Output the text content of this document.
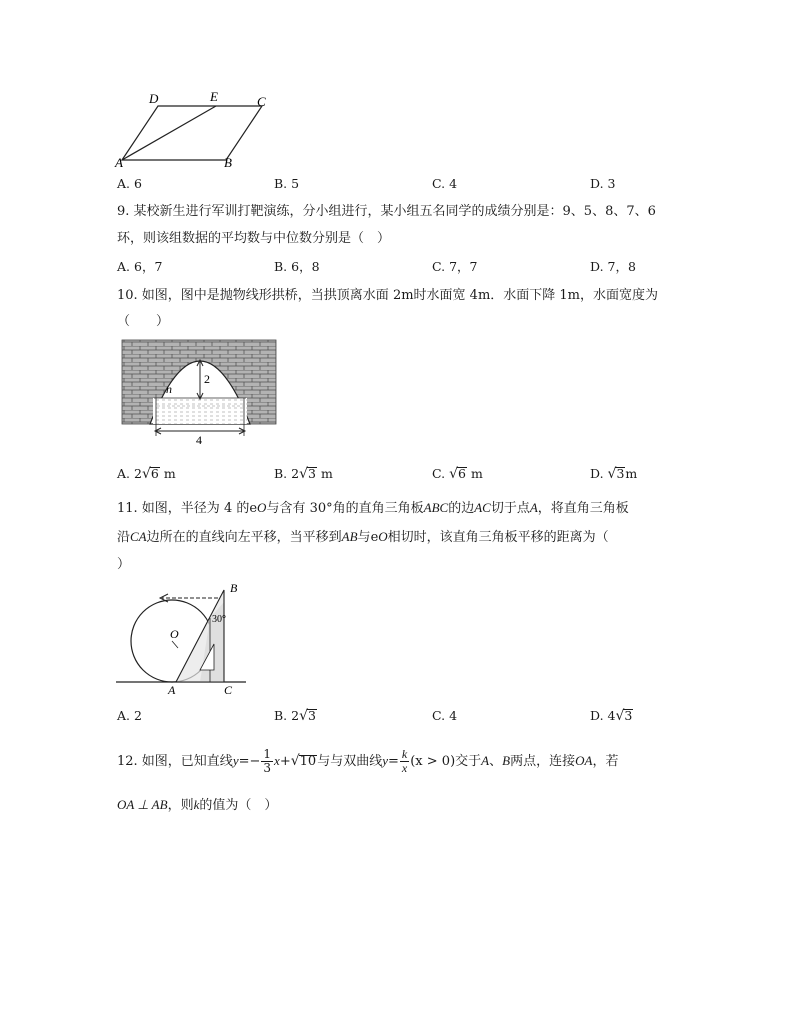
D	E	C
A	B
A. 6	B. 5	C. 4	D. 3
9. 某校新生进行军训打靶演练，分小组进行，某小组五名同学的成绩分别是：9、5、8、7、6
环，则该组数据的平均数与中位数分别是（　）
A. 6，7	B. 6，8	C. 7，7	D. 7，8
10. 如图，图中是抛物线形拱桥，当拱顶离水面 2m时水面宽 4m．水面下降 1m，水面宽度为
（　　）
2
n
4
A. 2√6 m	B. 2√3 m	C. √6 m	D. √3m
11. 如图，半径为 4 的eO与含有 30°角的直角三角板ABC的边AC切于点A，将直角三角板
沿CA边所在的直线向左平移，当平移到AB与eO相切时，该直角三角板平移的距离为（
）
B
O
30°
A	C
A. 2	B. 2√3	C. 4	D. 4√3
12. 如图，已知直线$y=- \frac{1}{3} x+√10$与与双曲线$y= \frac{k}{x} (x > 0)$交于A、B两点，连接OA，若
OA ⊥ AB，则k的值为（　）
